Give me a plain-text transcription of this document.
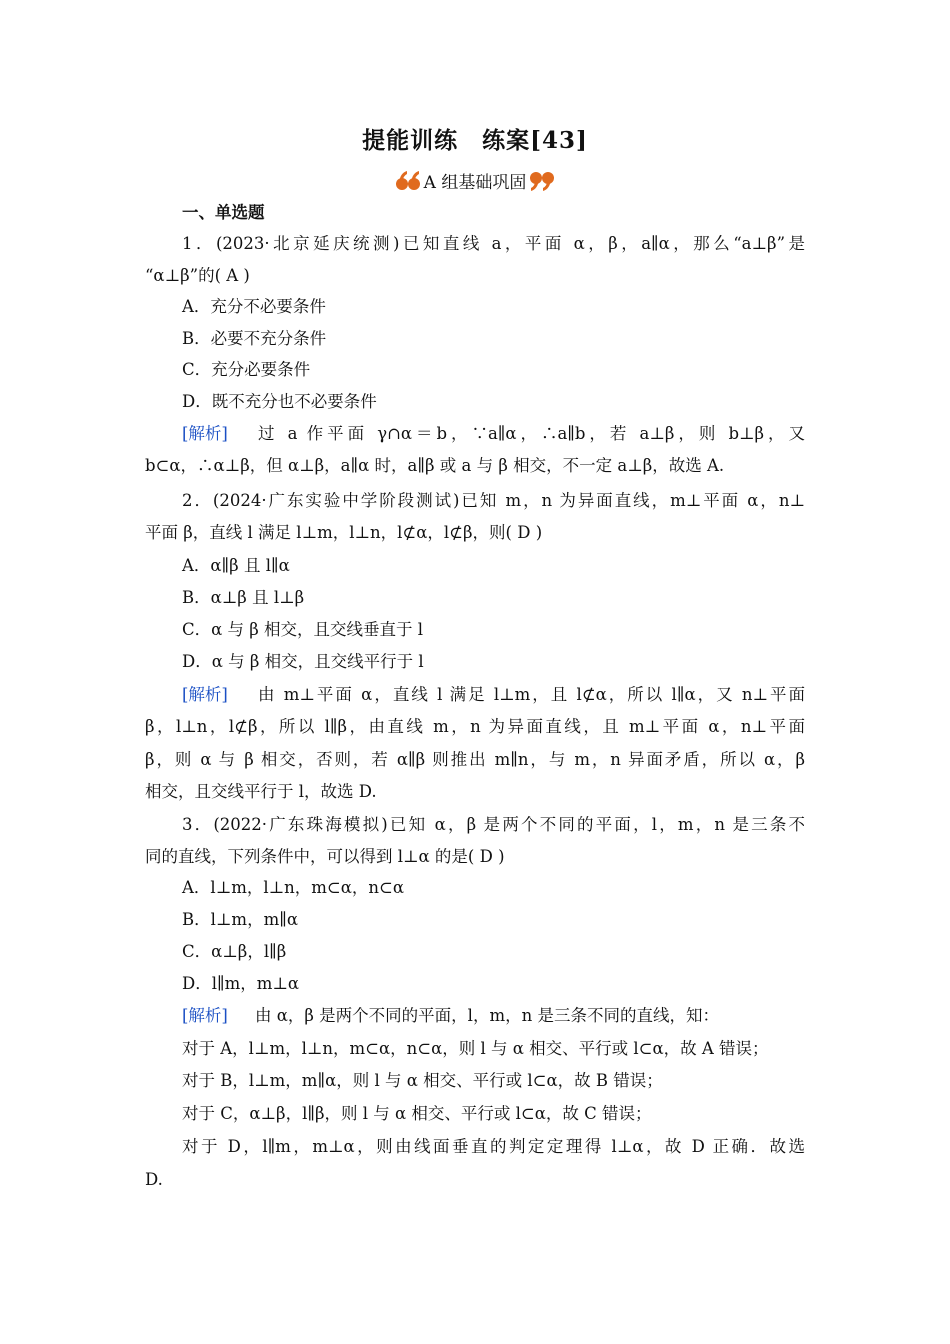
提能训练　练案[43]
A 组基础巩固
一、单选题
1．(2023·北京延庆统测)已知直线 a，平面 α，β，a∥α，那么“a⊥β”是
“α⊥β”的( A )
A．充分不必要条件
B．必要不充分条件
C．充分必要条件
D．既不充分也不必要条件
[解析] 过 a 作平面 γ∩α＝b，∵a∥α，∴a∥b，若 a⊥β，则 b⊥β，又
b⊂α，∴α⊥β，但 α⊥β，a∥α 时，a∥β 或 a 与 β 相交，不一定 a⊥β，故选 A.
2．(2024·广东实验中学阶段测试)已知 m，n 为异面直线，m⊥平面 α，n⊥
平面 β，直线 l 满足 l⊥m，l⊥n，l⊄α，l⊄β，则( D )
A．α∥β 且 l∥α
B．α⊥β 且 l⊥β
C．α 与 β 相交，且交线垂直于 l
D．α 与 β 相交，且交线平行于 l
[解析] 由 m⊥平面 α，直线 l 满足 l⊥m，且 l⊄α，所以 l∥α，又 n⊥平面
β，l⊥n，l⊄β，所以 l∥β，由直线 m，n 为异面直线，且 m⊥平面 α，n⊥平面
β，则 α 与 β 相交，否则，若 α∥β 则推出 m∥n，与 m，n 异面矛盾，所以 α，β
相交，且交线平行于 l，故选 D.
3．(2022·广东珠海模拟)已知 α，β 是两个不同的平面，l，m，n 是三条不
同的直线，下列条件中，可以得到 l⊥α 的是( D )
A．l⊥m，l⊥n，m⊂α，n⊂α
B．l⊥m，m∥α
C．α⊥β，l∥β
D．l∥m，m⊥α
[解析] 由 α，β 是两个不同的平面，l，m，n 是三条不同的直线，知：
对于 A，l⊥m，l⊥n，m⊂α，n⊂α，则 l 与 α 相交、平行或 l⊂α，故 A 错误；
对于 B，l⊥m，m∥α，则 l 与 α 相交、平行或 l⊂α，故 B 错误；
对于 C，α⊥β，l∥β，则 l 与 α 相交、平行或 l⊂α，故 C 错误；
对于 D，l∥m，m⊥α，则由线面垂直的判定定理得 l⊥α，故 D 正确．故选
D.
